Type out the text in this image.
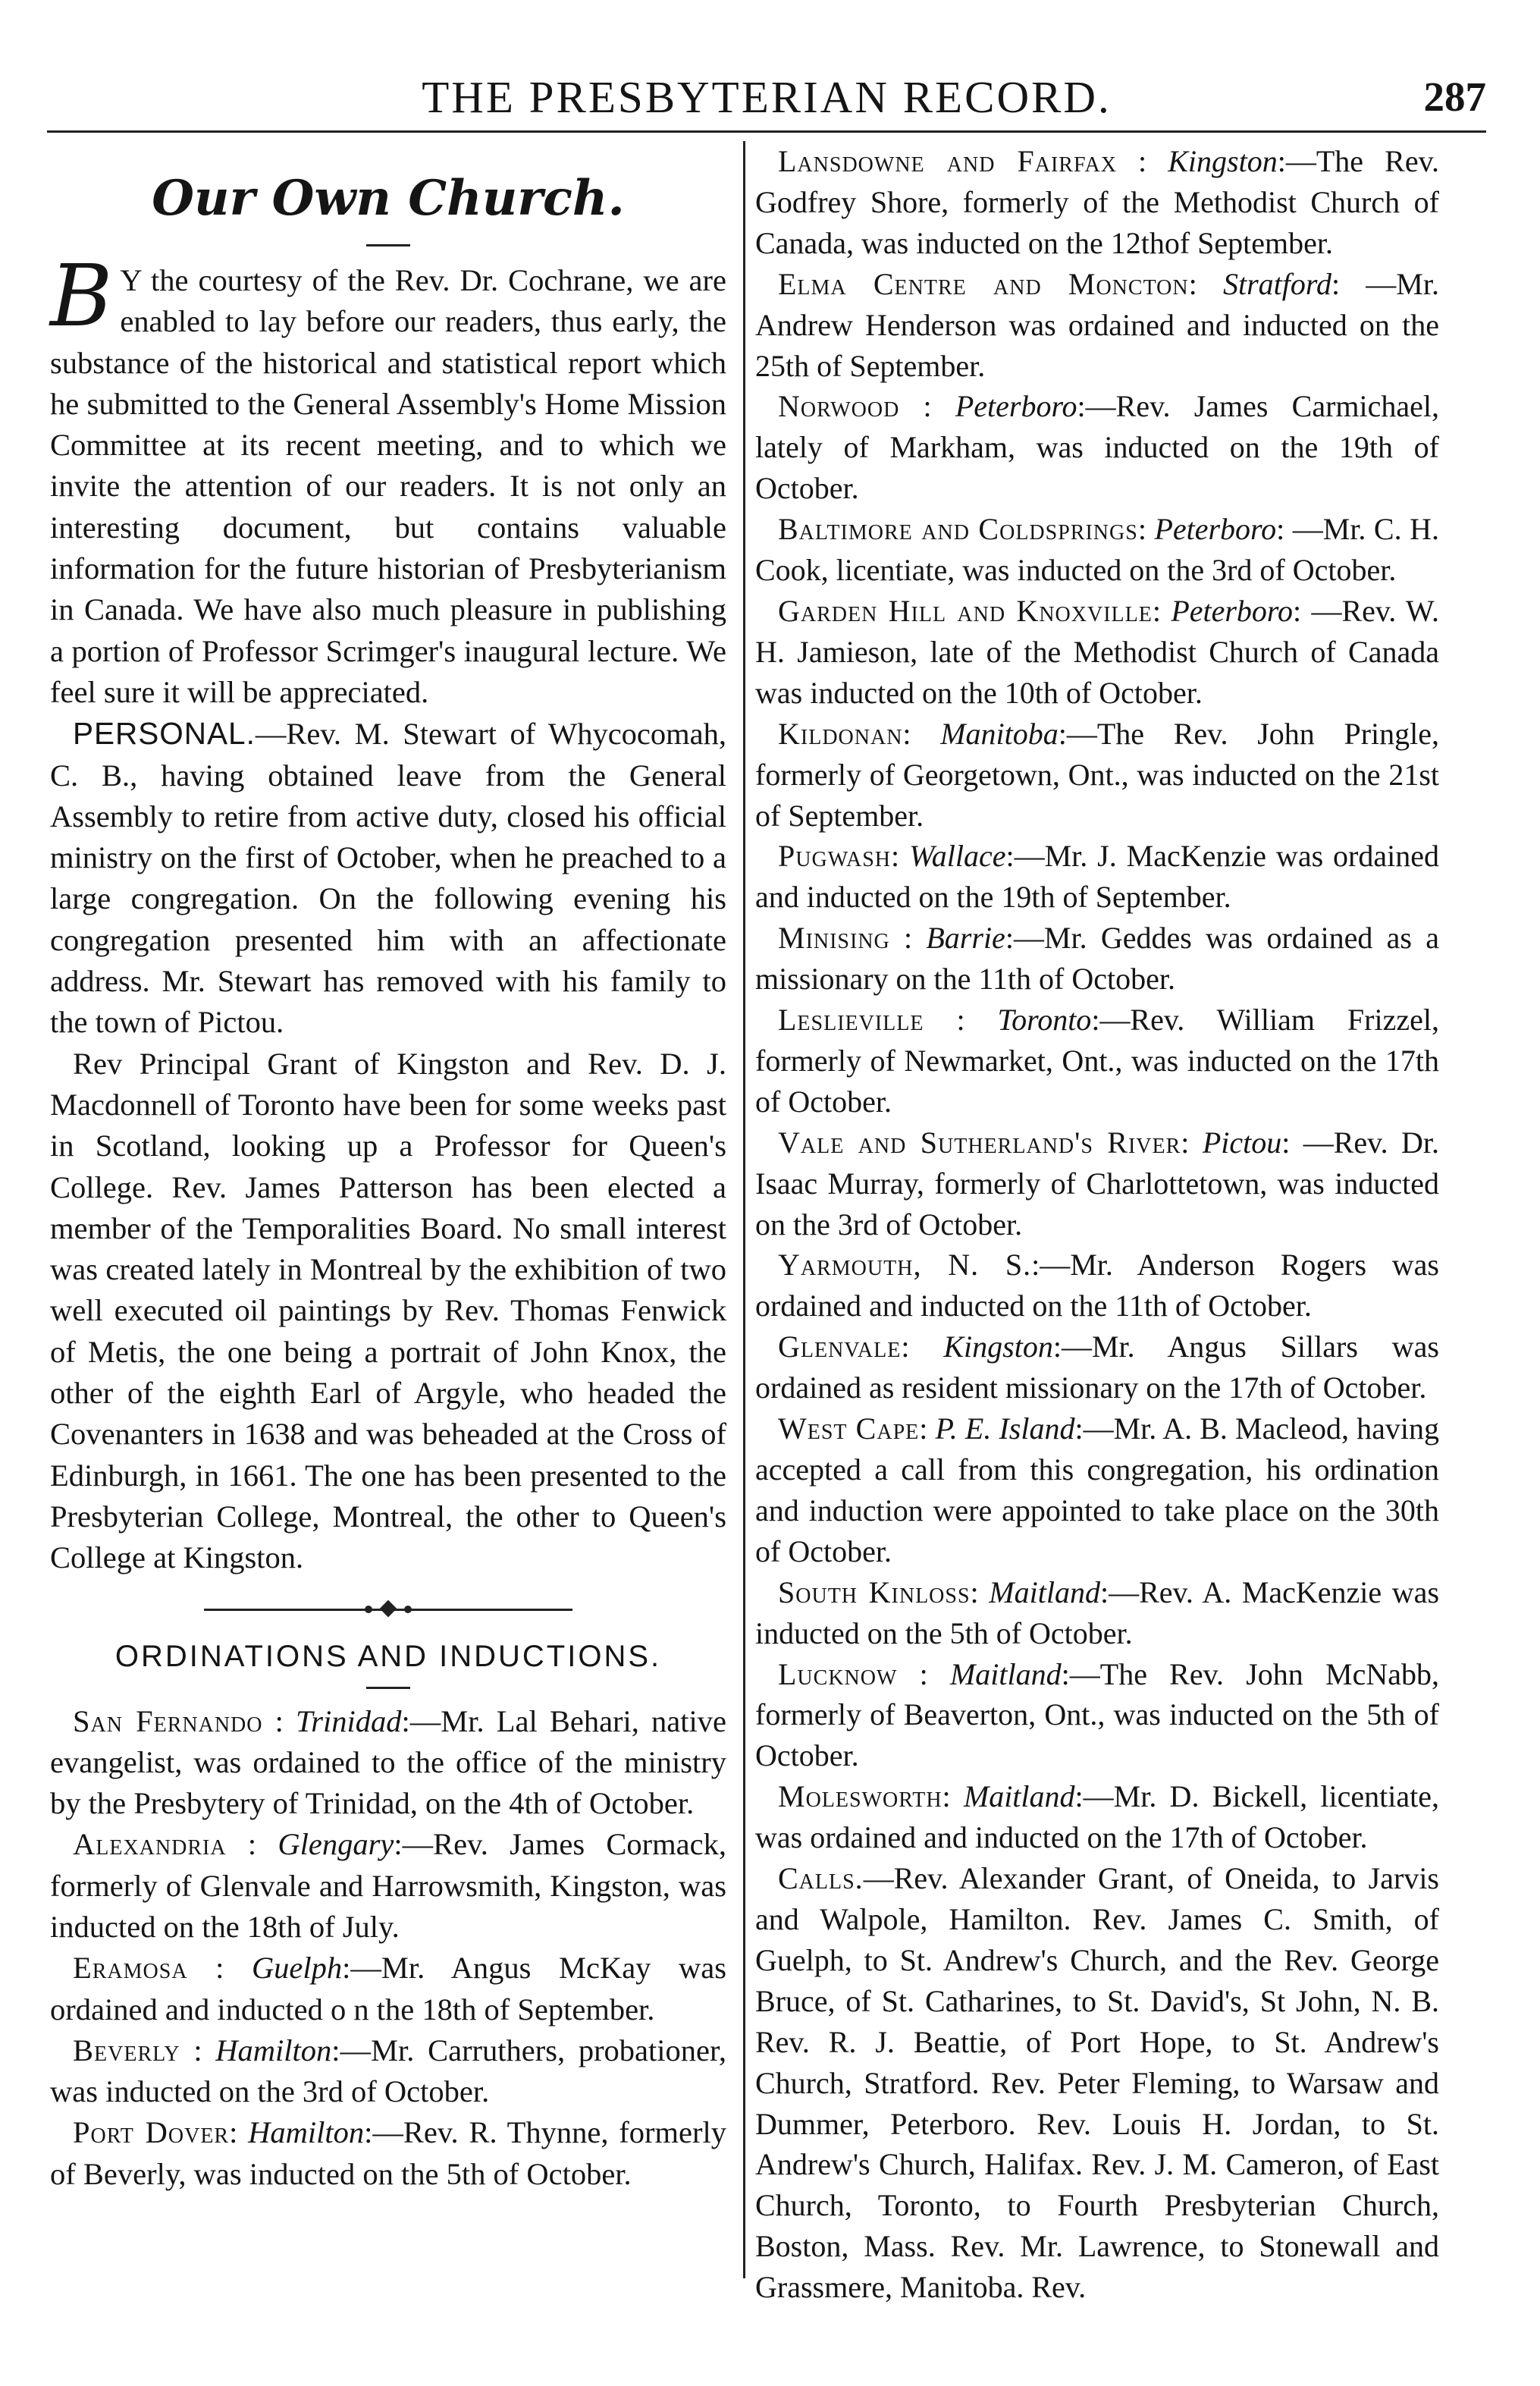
THE PRESBYTERIAN RECORD.	287
Our Own Church.

B Y the courtesy of the Rev. Dr. Cochrane, we are enabled to lay before our readers, thus early, the substance of the historical and statistical report which he submitted to the General Assembly's Home Mission Committee at its recent meeting, and to which we invite the attention of our readers. It is not only an interesting document, but contains valuable information for the future historian of Presbyterianism in Canada. We have also much pleasure in publishing a portion of Professor Scrimger's inaugural lecture. We feel sure it will be appreciated.

PERSONAL.—Rev. M. Stewart of Whycocomah, C. B., having obtained leave from the General Assembly to retire from active duty, closed his official ministry on the first of October, when he preached to a large congregation. On the following evening his congregation presented him with an affectionate address. Mr. Stewart has removed with his family to the town of Pictou.

Rev Principal Grant of Kingston and Rev. D. J. Macdonnell of Toronto have been for some weeks past in Scotland, looking up a Professor for Queen's College. Rev. James Patterson has been elected a member of the Temporalities Board. No small interest was created lately in Montreal by the exhibition of two well executed oil paintings by Rev. Thomas Fenwick of Metis, the one being a portrait of John Knox, the other of the eighth Earl of Argyle, who headed the Covenanters in 1638 and was beheaded at the Cross of Edinburgh, in 1661. The one has been presented to the Presbyterian College, Montreal, the other to Queen's College at Kingston.

ORDINATIONS AND INDUCTIONS.

San Fernando : Trinidad:—Mr. Lal Behari, native evangelist, was ordained to the office of the ministry by the Presbytery of Trinidad, on the 4th of October.

Alexandria : Glengary:—Rev. James Cormack, formerly of Glenvale and Harrowsmith, Kingston, was inducted on the 18th of July.

Eramosa : Guelph:—Mr. Angus McKay was ordained and inducted o n the 18th of September.

Beverly : Hamilton:—Mr. Carruthers, probationer, was inducted on the 3rd of October.

Port Dover: Hamilton:—Rev. R. Thynne, formerly of Beverly, was inducted on the 5th of October.

Lansdowne and Fairfax : Kingston:—The Rev. Godfrey Shore, formerly of the Methodist Church of Canada, was inducted on the 12thof September.

Elma Centre and Moncton: Stratford: —Mr. Andrew Henderson was ordained and inducted on the 25th of September.

Norwood : Peterboro:—Rev. James Carmichael, lately of Markham, was inducted on the 19th of October.

Baltimore and Coldsprings: Peterboro: —Mr. C. H. Cook, licentiate, was inducted on the 3rd of October.

Garden Hill and Knoxville: Peterboro: —Rev. W. H. Jamieson, late of the Methodist Church of Canada was inducted on the 10th of October.

Kildonan: Manitoba:—The Rev. John Pringle, formerly of Georgetown, Ont., was inducted on the 21st of September.

Pugwash: Wallace:—Mr. J. MacKenzie was ordained and inducted on the 19th of September.

Minising : Barrie:—Mr. Geddes was ordained as a missionary on the 11th of October.

Leslieville : Toronto:—Rev. William Frizzel, formerly of Newmarket, Ont., was inducted on the 17th of October.

Vale and Sutherland's River: Pictou: —Rev. Dr. Isaac Murray, formerly of Charlottetown, was inducted on the 3rd of October.

Yarmouth, N. S.:—Mr. Anderson Rogers was ordained and inducted on the 11th of October.

Glenvale: Kingston:—Mr. Angus Sillars was ordained as resident missionary on the 17th of October.

West Cape: P. E. Island:—Mr. A. B. Macleod, having accepted a call from this congregation, his ordination and induction were appointed to take place on the 30th of October.

South Kinloss: Maitland:—Rev. A. MacKenzie was inducted on the 5th of October.

Lucknow : Maitland:—The Rev. John McNabb, formerly of Beaverton, Ont., was inducted on the 5th of October.

Molesworth: Maitland:—Mr. D. Bickell, licentiate, was ordained and inducted on the 17th of October.

Calls.—Rev. Alexander Grant, of Oneida, to Jarvis and Walpole, Hamilton. Rev. James C. Smith, of Guelph, to St. Andrew's Church, and the Rev. George Bruce, of St. Catharines, to St. David's, St John, N. B. Rev. R. J. Beattie, of Port Hope, to St. Andrew's Church, Stratford. Rev. Peter Fleming, to Warsaw and Dummer, Peterboro. Rev. Louis H. Jordan, to St. Andrew's Church, Halifax. Rev. J. M. Cameron, of East Church, Toronto, to Fourth Presbyterian Church, Boston, Mass. Rev. Mr. Lawrence, to Stonewall and Grassmere, Manitoba. Rev.
